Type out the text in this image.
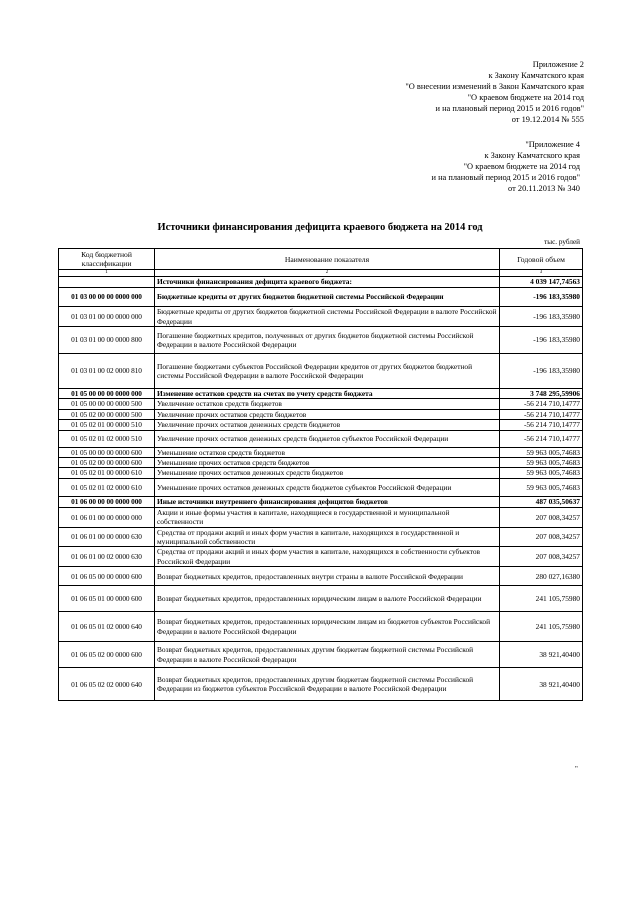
Приложение 2
к Закону Камчатского края
"О внесении изменений в Закон Камчатского края
"О краевом бюджете на 2014 год
и на плановый период 2015 и 2016 годов"
от 19.12.2014 № 555
"Приложение 4
к Закону Камчатского края
"О краевом бюджете на 2014 год
и на плановый период 2015 и 2016 годов"
от 20.11.2013 № 340
Источники финансирования дефицита краевого бюджета на 2014 год
тыс. рублей
Код бюджетной классификации	Наименование показателя	Годовой объем
1	2	3
	Источники финансирования дефицита краевого бюджета:	4 039 147,74563
01 03 00 00 00 0000 000	Бюджетные кредиты от других бюджетов бюджетной системы Российской Федерации	-196 183,35980
01 03 01 00 00 0000 000	Бюджетные кредиты от других бюджетов бюджетной системы Российской Федерации в валюте Российской Федерации	-196 183,35980
01 03 01 00 00 0000 800	Погашение бюджетных кредитов, полученных от других бюджетов бюджетной системы Российской Федерации в валюте Российской Федерации	-196 183,35980
01 03 01 00 02 0000 810	Погашение бюджетами субъектов Российской Федерации кредитов от других бюджетов бюджетной системы Российской Федерации в валюте Российской Федерации	-196 183,35980
01 05 00 00 00 0000 000	Изменение остатков средств на счетах по учету средств бюджета	3 748 295,59906
01 05 00 00 00 0000 500	Увеличение остатков средств бюджетов	-56 214 710,14777
01 05 02 00 00 0000 500	Увеличение прочих остатков средств бюджетов	-56 214 710,14777
01 05 02 01 00 0000 510	Увеличение прочих остатков денежных средств бюджетов	-56 214 710,14777
01 05 02 01 02 0000 510	Увеличение прочих остатков денежных средств бюджетов субъектов Российской Федерации	-56 214 710,14777
01 05 00 00 00 0000 600	Уменьшение остатков средств бюджетов	59 963 005,74683
01 05 02 00 00 0000 600	Уменьшение прочих остатков средств бюджетов	59 963 005,74683
01 05 02 01 00 0000 610	Уменьшение прочих остатков денежных средств бюджетов	59 963 005,74683
01 05 02 01 02 0000 610	Уменьшение прочих остатков денежных средств бюджетов субъектов Российской Федерации	59 963 005,74683
01 06 00 00 00 0000 000	Иные источники внутреннего финансирования дефицитов бюджетов	487 035,50637
01 06 01 00 00 0000 000	Акции и иные формы участия в капитале, находящиеся в государственной и муниципальной собственности	207 008,34257
01 06 01 00 00 0000 630	Средства от продажи акций и иных форм участия в капитале, находящихся в государственной и муниципальной собственности	207 008,34257
01 06 01 00 02 0000 630	Средства от продажи акций и иных форм участия в капитале, находящихся в собственности субъектов Российской Федерации	207 008,34257
01 06 05 00 00 0000 600	Возврат бюджетных кредитов, предоставленных внутри страны в валюте Российской Федерации	280 027,16380
01 06 05 01 00 0000 600	Возврат бюджетных кредитов, предоставленных юридическим лицам в валюте Российской Федерации	241 105,75980
01 06 05 01 02 0000 640	Возврат бюджетных кредитов, предоставленных юридическим лицам из бюджетов субъектов Российской Федерации в валюте Российской Федерации	241 105,75980
01 06 05 02 00 0000 600	Возврат бюджетных кредитов, предоставленных другим бюджетам бюджетной системы Российской Федерации в валюте Российской Федерации	38 921,40400
01 06 05 02 02 0000 640	Возврат бюджетных кредитов, предоставленных другим бюджетам бюджетной системы Российской Федерации из бюджетов субъектов Российской Федерации в валюте Российской Федерации	38 921,40400
"
